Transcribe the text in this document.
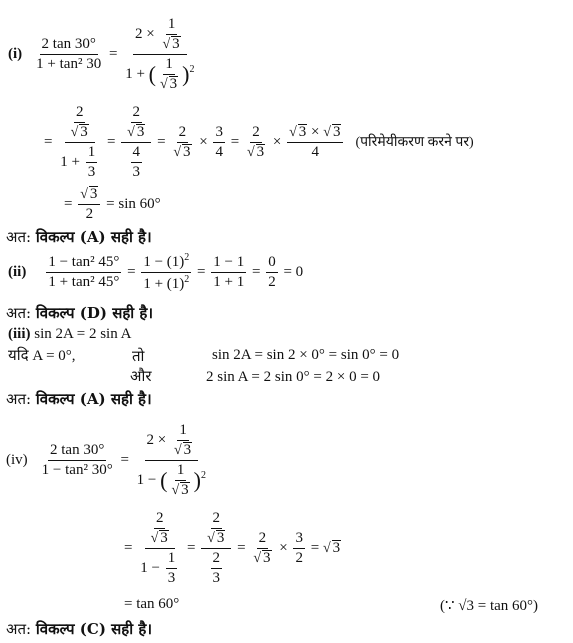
$(i) \frac{2 \tan 30^\circ}{\text{1 + tan² 30}} = \frac{2 \times \frac{1}{√ 3}}{1 + ( \frac{1}{√ 3} )^2}$
= $\frac{\frac{2}{√ 3}}{1 + \frac{1}{3}} = \frac{\frac{2}{√ 3}}{\frac{4}{3}} = \frac{2}{√ 3} \times \frac{3}{4} = \frac{2}{√ 3} \times \frac{√ 3 \times √ 3}{4}$ (परिमेयीकरण करने पर)
= $\frac{√ 3}{2} = \sin 60^\circ$
अत: विकल्प (A) सही है।
$(ii) \frac{\text{1 − tan² 45°}}{\text{1 + tan² 45°}} = \frac{1 - (1)^2}{1 + (1)^2} = \frac{1 - 1}{1 + 1} = \frac{0}{2} = 0$
अत: विकल्प (D) सही है।
(iii) sin 2A = 2 sin A
यदि A = 0°,	तो	sin 2A = sin 2 × 0° = sin 0° = 0
और	2 sin A = 2 sin 0° = 2 × 0 = 0
अत: विकल्प (A) सही है।
$(iv) \frac{2 \tan 30^\circ}{\text{1 − tan² 30°}} = \frac{2 \times \frac{1}{√ 3}}{1 - ( \frac{1}{√ 3} )^2}$
= $\frac{\frac{2}{√ 3}}{1 - \frac{1}{3}} = \frac{\frac{2}{√ 3}}{\frac{2}{3}} = \frac{2}{√ 3} \times \frac{3}{2}$ = √ 3
= tan 60°	(∵ √3 = tan 60°)
अत: विकल्प (C) सही है।
